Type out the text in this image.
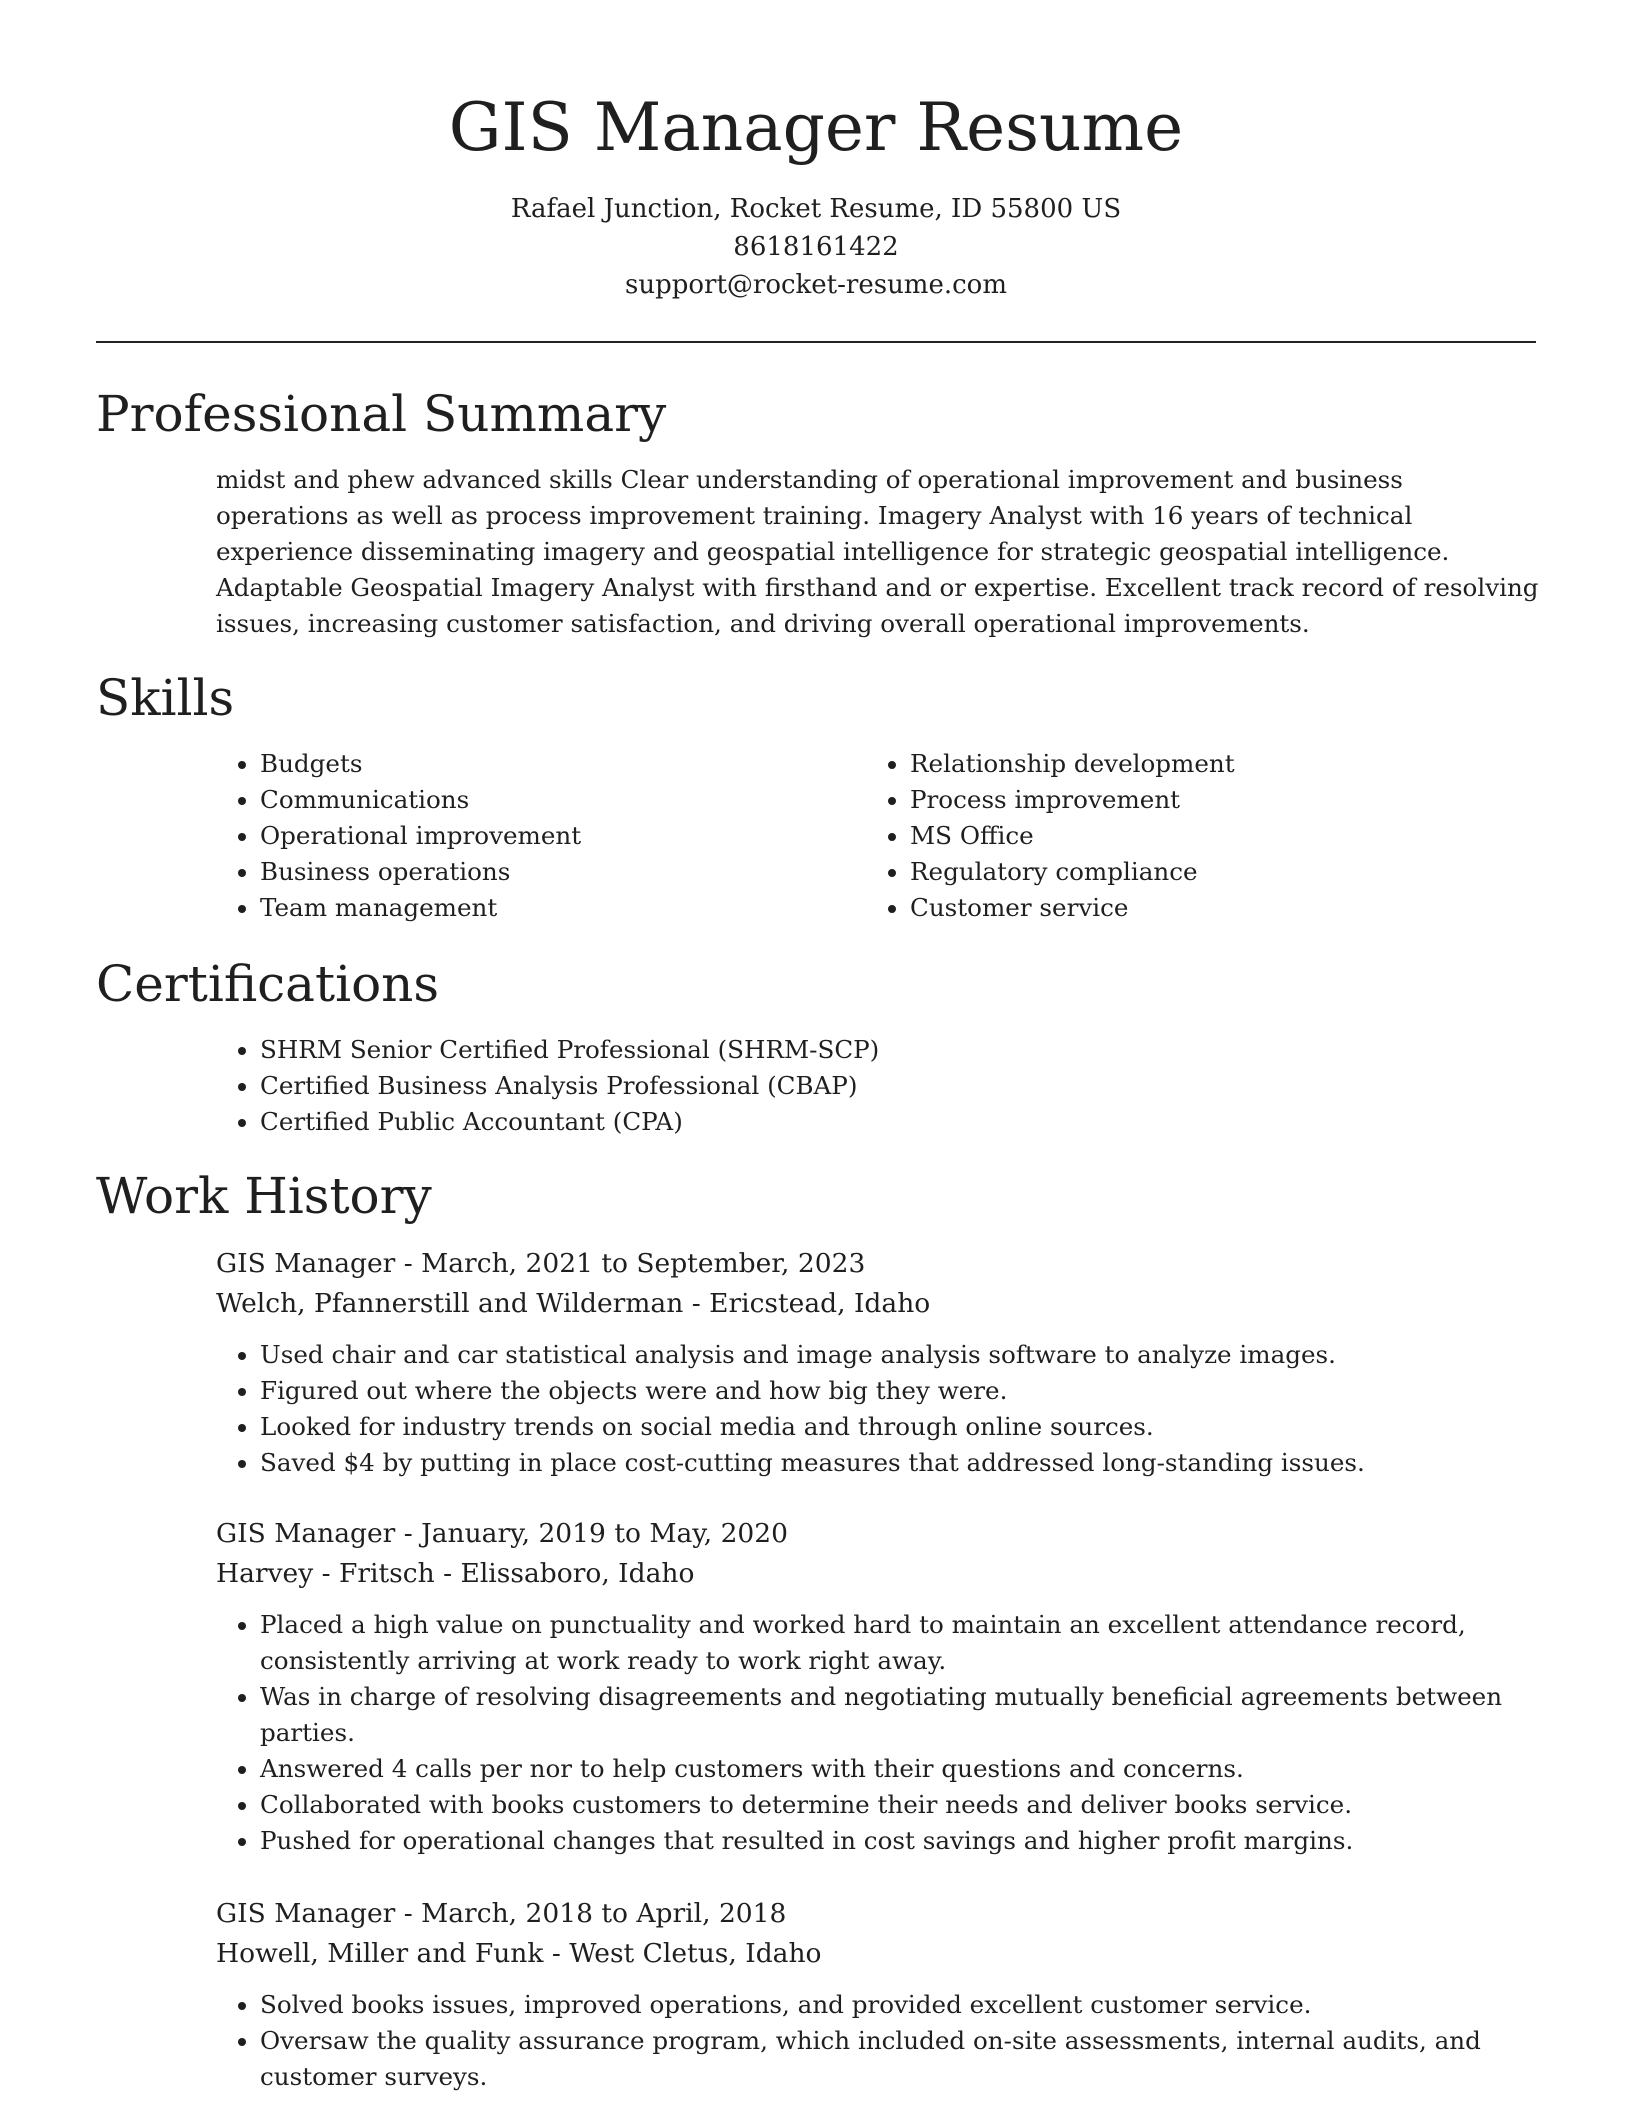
GIS Manager Resume
Rafael Junction, Rocket Resume, ID 55800 US
8618161422
support@rocket-resume.com
Professional Summary
midst and phew advanced skills Clear understanding of operational improvement and business operations as well as process improvement training. Imagery Analyst with 16 years of technical experience disseminating imagery and geospatial intelligence for strategic geospatial intelligence. Adaptable Geospatial Imagery Analyst with firsthand and or expertise. Excellent track record of resolving issues, increasing customer satisfaction, and driving overall operational improvements.
Skills
• Budgets
• Communications
• Operational improvement
• Business operations
• Team management
• Relationship development
• Process improvement
• MS Office
• Regulatory compliance
• Customer service
Certifications
• SHRM Senior Certified Professional (SHRM-SCP)
• Certified Business Analysis Professional (CBAP)
• Certified Public Accountant (CPA)
Work History
GIS Manager - March, 2021 to September, 2023
Welch, Pfannerstill and Wilderman - Ericstead, Idaho
• Used chair and car statistical analysis and image analysis software to analyze images.
• Figured out where the objects were and how big they were.
• Looked for industry trends on social media and through online sources.
• Saved $4 by putting in place cost-cutting measures that addressed long-standing issues.
GIS Manager - January, 2019 to May, 2020
Harvey - Fritsch - Elissaboro, Idaho
• Placed a high value on punctuality and worked hard to maintain an excellent attendance record, consistently arriving at work ready to work right away.
• Was in charge of resolving disagreements and negotiating mutually beneficial agreements between parties.
• Answered 4 calls per nor to help customers with their questions and concerns.
• Collaborated with books customers to determine their needs and deliver books service.
• Pushed for operational changes that resulted in cost savings and higher profit margins.
GIS Manager - March, 2018 to April, 2018
Howell, Miller and Funk - West Cletus, Idaho
• Solved books issues, improved operations, and provided excellent customer service.
• Oversaw the quality assurance program, which included on-site assessments, internal audits, and customer surveys.
